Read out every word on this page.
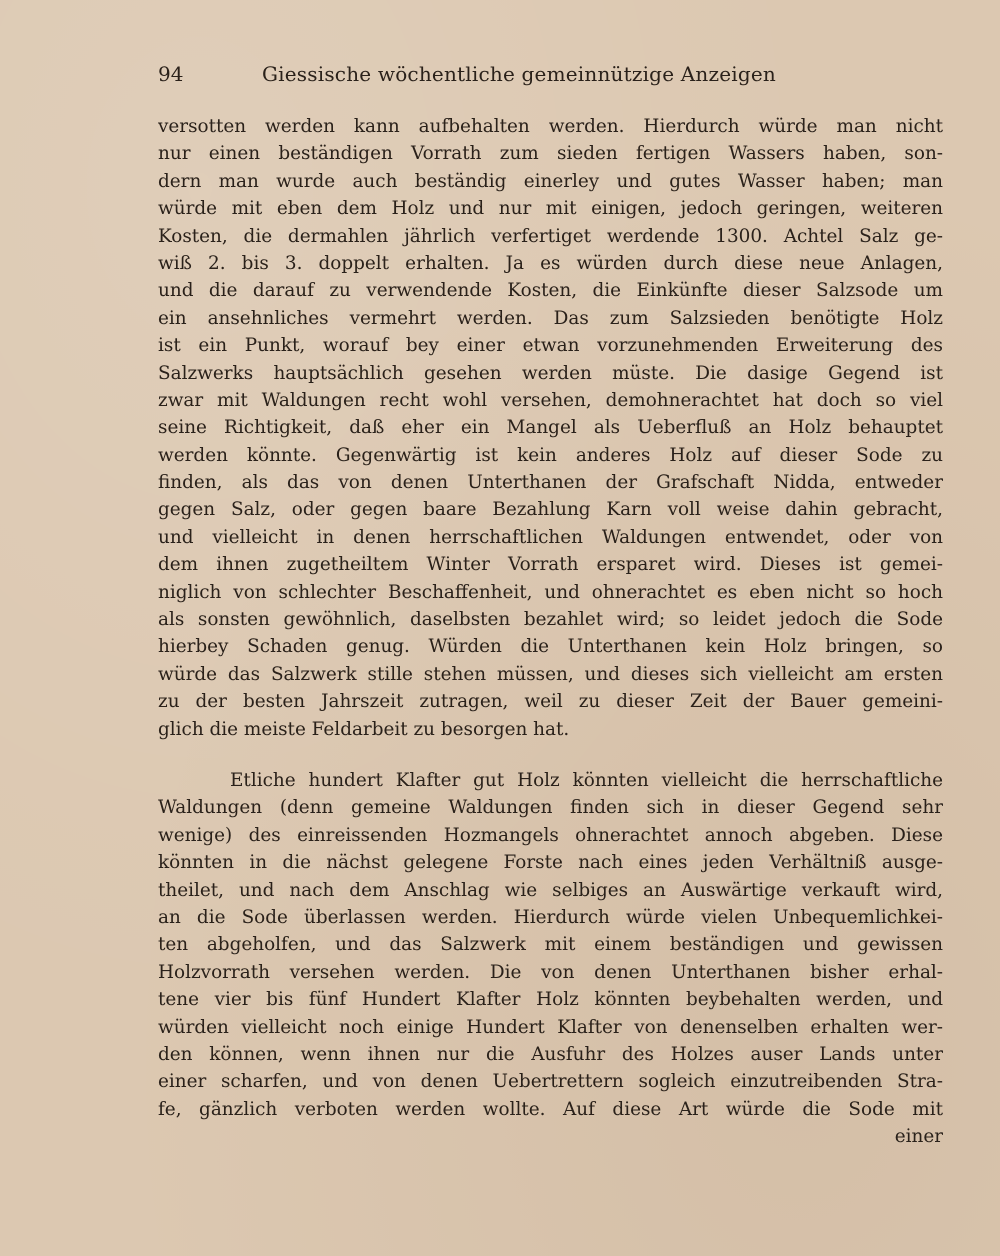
94	Giessische wöchentliche gemeinnützige Anzeigen
versotten werden kann aufbehalten werden. Hierdurch würde man nicht
nur einen beständigen Vorrath zum sieden fertigen Wassers haben, son-
dern man wurde auch beständig einerley und gutes Wasser haben; man
würde mit eben dem Holz und nur mit einigen, jedoch geringen, weiteren
Kosten, die dermahlen jährlich verfertiget werdende 1300. Achtel Salz ge-
wiß 2. bis 3. doppelt erhalten. Ja es würden durch diese neue Anlagen,
und die darauf zu verwendende Kosten, die Einkünfte dieser Salzsode um
ein ansehnliches vermehrt werden. Das zum Salzsieden benötigte Holz
ist ein Punkt, worauf bey einer etwan vorzunehmenden Erweiterung des
Salzwerks hauptsächlich gesehen werden müste. Die dasige Gegend ist
zwar mit Waldungen recht wohl versehen, demohnerachtet hat doch so viel
seine Richtigkeit, daß eher ein Mangel als Ueberfluß an Holz behauptet
werden könnte. Gegenwärtig ist kein anderes Holz auf dieser Sode zu
finden, als das von denen Unterthanen der Grafschaft Nidda, entweder
gegen Salz, oder gegen baare Bezahlung Karn voll weise dahin gebracht,
und vielleicht in denen herrschaftlichen Waldungen entwendet, oder von
dem ihnen zugetheiltem Winter Vorrath ersparet wird. Dieses ist gemei-
niglich von schlechter Beschaffenheit, und ohnerachtet es eben nicht so hoch
als sonsten gewöhnlich, daselbsten bezahlet wird; so leidet jedoch die Sode
hierbey Schaden genug. Würden die Unterthanen kein Holz bringen, so
würde das Salzwerk stille stehen müssen, und dieses sich vielleicht am ersten
zu der besten Jahrszeit zutragen, weil zu dieser Zeit der Bauer gemeini-
glich die meiste Feldarbeit zu besorgen hat.
Etliche hundert Klafter gut Holz könnten vielleicht die herrschaftliche
Waldungen (denn gemeine Waldungen finden sich in dieser Gegend sehr
wenige) des einreissenden Hozmangels ohnerachtet annoch abgeben. Diese
könnten in die nächst gelegene Forste nach eines jeden Verhältniß ausge-
theilet, und nach dem Anschlag wie selbiges an Auswärtige verkauft wird,
an die Sode überlassen werden. Hierdurch würde vielen Unbequemlichkei-
ten abgeholfen, und das Salzwerk mit einem beständigen und gewissen
Holzvorrath versehen werden. Die von denen Unterthanen bisher erhal-
tene vier bis fünf Hundert Klafter Holz könnten beybehalten werden, und
würden vielleicht noch einige Hundert Klafter von denenselben erhalten wer-
den können, wenn ihnen nur die Ausfuhr des Holzes auser Lands unter
einer scharfen, und von denen Uebertrettern sogleich einzutreibenden Stra-
fe, gänzlich verboten werden wollte. Auf diese Art würde die Sode mit
einer
